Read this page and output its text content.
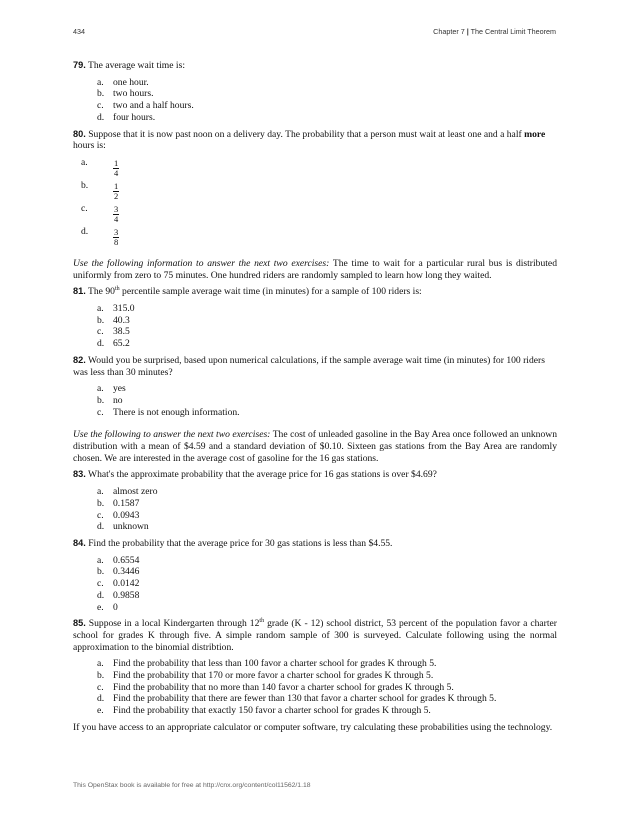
434	Chapter 7 | The Central Limit Theorem

79. The average wait time is:

a. one hour.
b. two hours.
c. two and a half hours.
d. four hours.

80. Suppose that it is now past noon on a delivery day. The probability that a person must wait at least one and a half more hours is:

a.	$\frac{1}{4}$
b.	$\frac{1}{2}$
c.	$\frac{3}{4}$
d.	$\frac{3}{8}$

Use the following information to answer the next two exercises: The time to wait for a particular rural bus is distributed uniformly from zero to 75 minutes. One hundred riders are randomly sampled to learn how long they waited.

81. The 90th percentile sample average wait time (in minutes) for a sample of 100 riders is:

a. 315.0
b. 40.3
c. 38.5
d. 65.2

82. Would you be surprised, based upon numerical calculations, if the sample average wait time (in minutes) for 100 riders was less than 30 minutes?

a. yes
b. no
c. There is not enough information.

Use the following to answer the next two exercises: The cost of unleaded gasoline in the Bay Area once followed an unknown distribution with a mean of $4.59 and a standard deviation of $0.10. Sixteen gas stations from the Bay Area are randomly chosen. We are interested in the average cost of gasoline for the 16 gas stations.

83. What's the approximate probability that the average price for 16 gas stations is over $4.69?

a. almost zero
b. 0.1587
c. 0.0943
d. unknown

84. Find the probability that the average price for 30 gas stations is less than $4.55.

a. 0.6554
b. 0.3446
c. 0.0142
d. 0.9858
e. 0

85. Suppose in a local Kindergarten through 12th grade (K - 12) school district, 53 percent of the population favor a charter school for grades K through five. A simple random sample of 300 is surveyed. Calculate following using the normal approximation to the binomial distribtion.

a. Find the probability that less than 100 favor a charter school for grades K through 5.
b. Find the probability that 170 or more favor a charter school for grades K through 5.
c. Find the probability that no more than 140 favor a charter school for grades K through 5.
d. Find the probability that there are fewer than 130 that favor a charter school for grades K through 5.
e. Find the probability that exactly 150 favor a charter school for grades K through 5.

If you have access to an appropriate calculator or computer software, try calculating these probabilities using the technology.

This OpenStax book is available for free at http://cnx.org/content/col11562/1.18
